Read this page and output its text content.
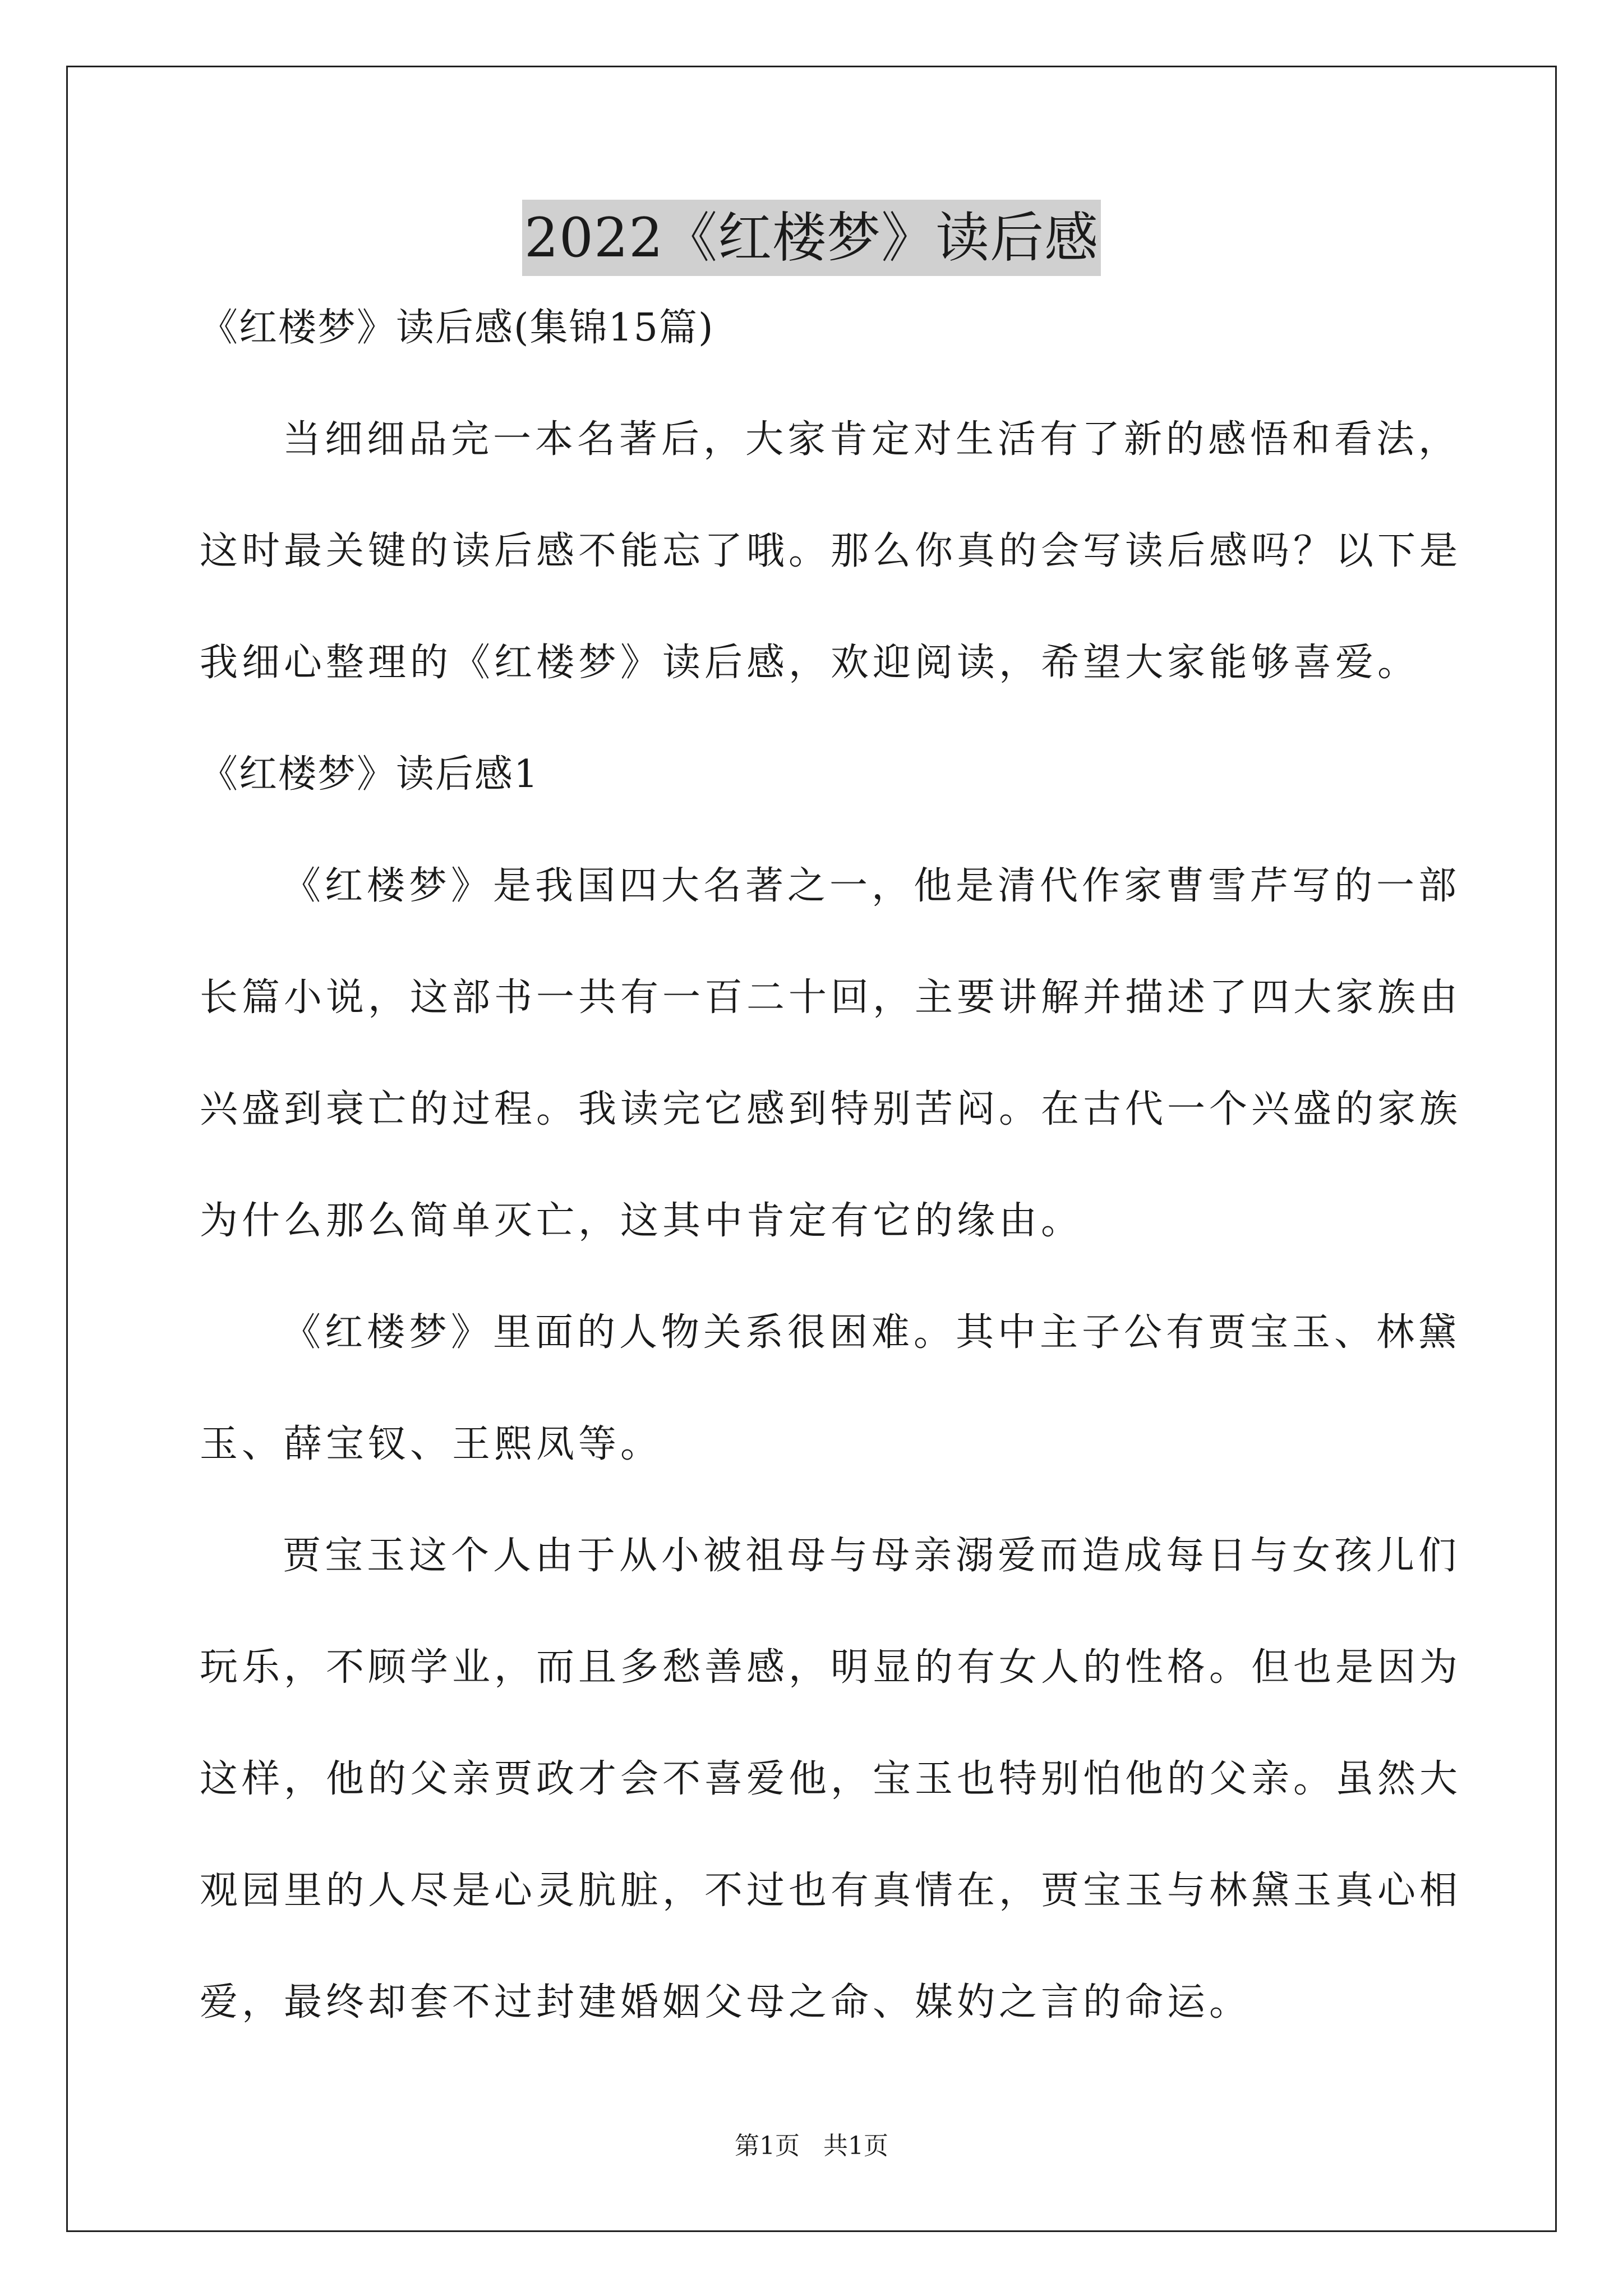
2022《红楼梦》读后感
《红楼梦》读后感(集锦15篇)
当细细品完一本名著后，大家肯定对生活有了新的感悟和看法，
这时最关键的读后感不能忘了哦。那么你真的会写读后感吗？以下是
我细心整理的《红楼梦》读后感，欢迎阅读，希望大家能够喜爱。
《红楼梦》读后感1
《红楼梦》是我国四大名著之一，他是清代作家曹雪芹写的一部
长篇小说，这部书一共有一百二十回，主要讲解并描述了四大家族由
兴盛到衰亡的过程。我读完它感到特别苦闷。在古代一个兴盛的家族
为什么那么简单灭亡，这其中肯定有它的缘由。
《红楼梦》里面的人物关系很困难。其中主子公有贾宝玉、林黛
玉、薛宝钗、王熙凤等。
贾宝玉这个人由于从小被祖母与母亲溺爱而造成每日与女孩儿们
玩乐，不顾学业，而且多愁善感，明显的有女人的性格。但也是因为
这样，他的父亲贾政才会不喜爱他，宝玉也特别怕他的父亲。虽然大
观园里的人尽是心灵肮脏，不过也有真情在，贾宝玉与林黛玉真心相
爱，最终却套不过封建婚姻父母之命、媒妁之言的命运。
第1页 共1页
